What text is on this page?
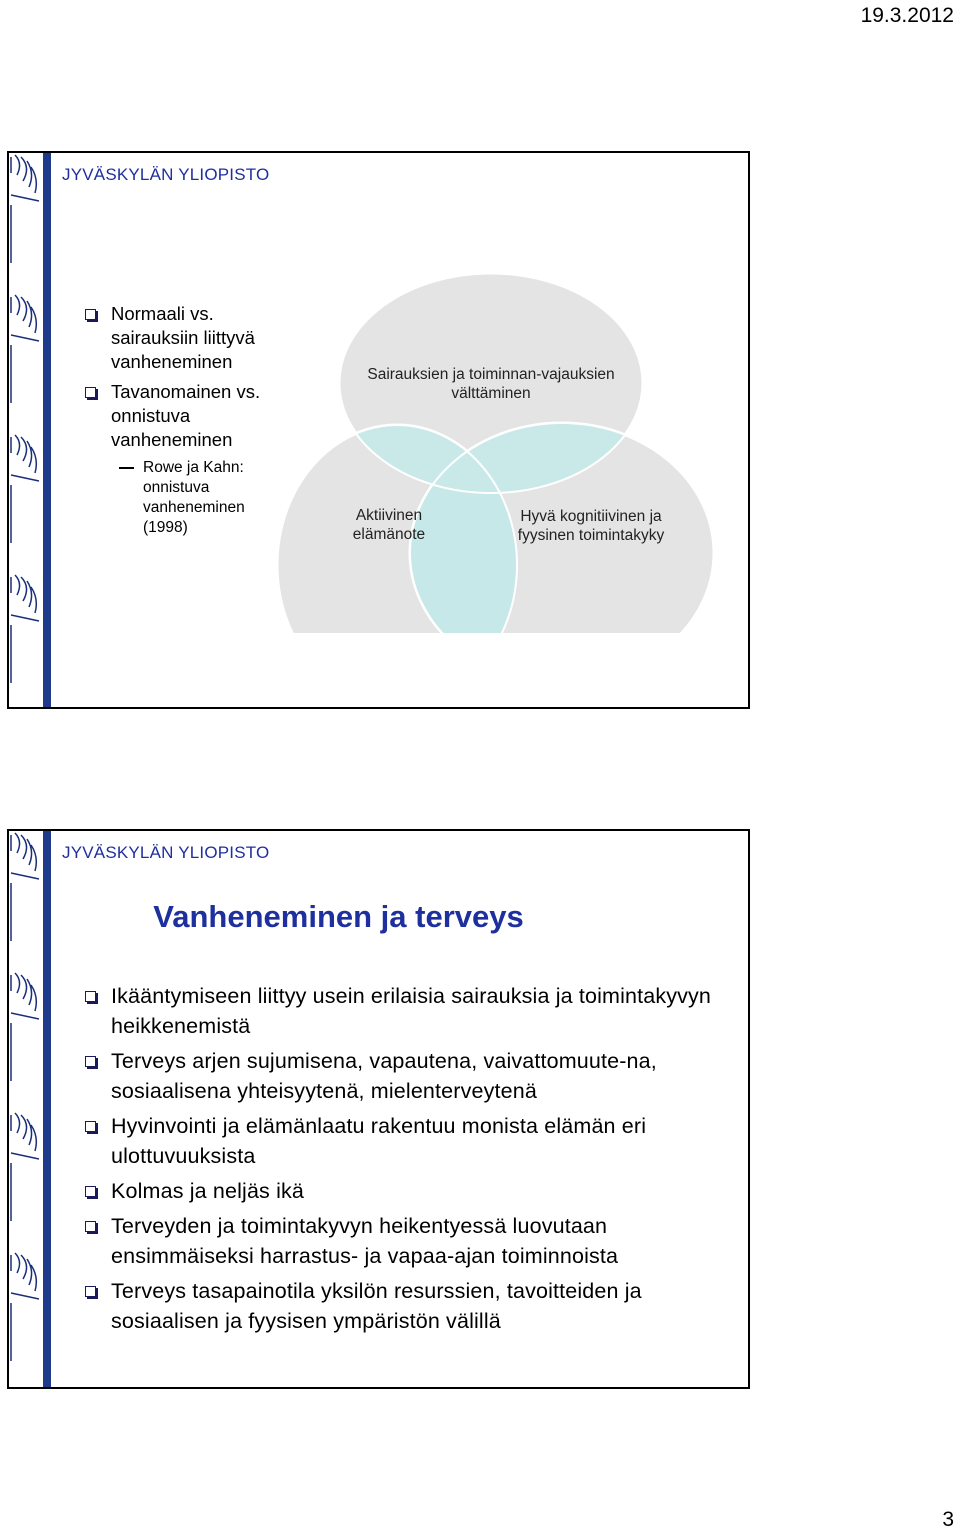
19.3.2012
JYVÄSKYLÄN YLIOPISTO
Normaali vs. sairauksiin liittyvä vanheneminen
Tavanomainen vs. onnistuva vanheneminen
Rowe ja Kahn: onnistuva vanheneminen (1998)
Sairauksien ja toiminnan-vajauksien välttäminen
Aktiivinen elämänote
Hyvä kognitiivinen ja fyysinen toimintakyky
JYVÄSKYLÄN YLIOPISTO
Vanheneminen ja terveys
Ikääntymiseen liittyy usein erilaisia sairauksia ja toimintakyvyn heikkenemistä
Terveys arjen sujumisena, vapautena, vaivattomuute-na, sosiaalisena yhteisyytenä, mielenterveytenä
Hyvinvointi ja elämänlaatu rakentuu monista elämän eri ulottuvuuksista
Kolmas ja neljäs ikä
Terveyden ja toimintakyvyn heikentyessä luovutaan ensimmäiseksi harrastus- ja vapaa-ajan toiminnoista
Terveys tasapainotila yksilön resurssien, tavoitteiden ja sosiaalisen ja fyysisen ympäristön välillä
3
